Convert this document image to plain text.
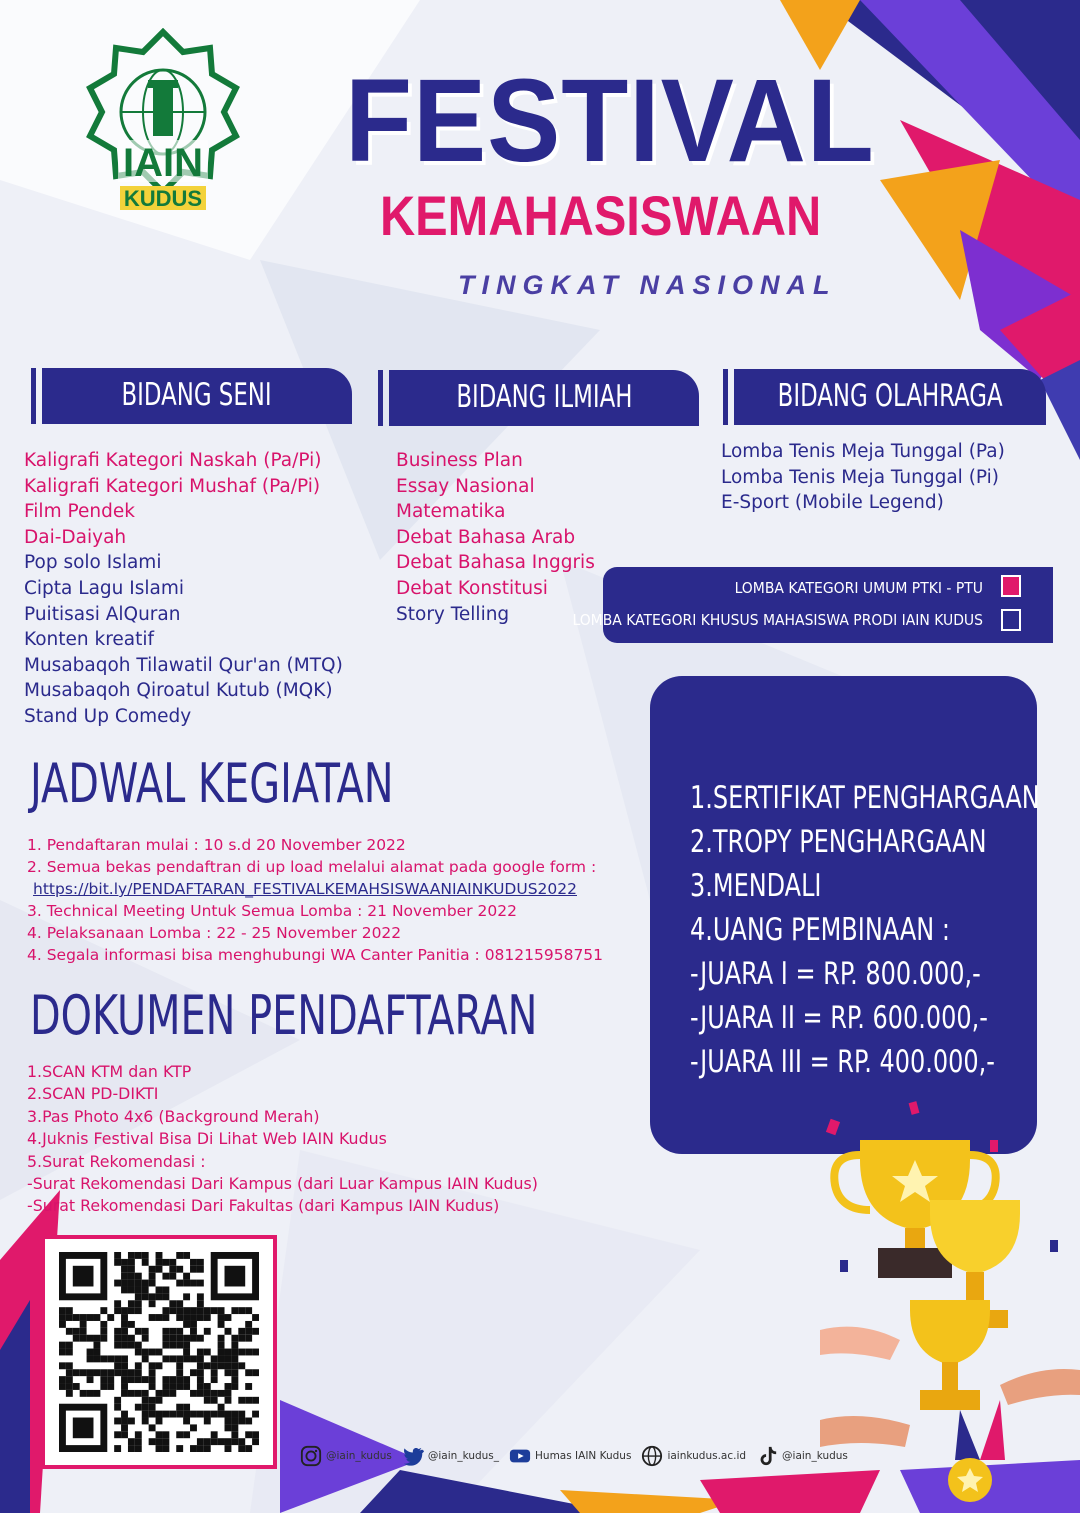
IAIN
KUDUS
FESTIVAL
KEMAHASISWAAN
TINGKAT NASIONAL
BIDANG SENI	BIDANG ILMIAH	BIDANG OLAHRAGA
Kaligrafi Kategori Naskah (Pa/Pi)
Kaligrafi Kategori Mushaf (Pa/Pi)
Film Pendek
Dai-Daiyah
Pop solo Islami
Cipta Lagu Islami
Puitisasi AlQuran
Konten kreatif
Musabaqoh Tilawatil Qur'an (MTQ)
Musabaqoh Qiroatul Kutub (MQK)
Stand Up Comedy
Business Plan
Essay Nasional
Matematika
Debat Bahasa Arab
Debat Bahasa Inggris
Debat Konstitusi
Story Telling
Lomba Tenis Meja Tunggal (Pa)
Lomba Tenis Meja Tunggal (Pi)
E-Sport (Mobile Legend)
LOMBA KATEGORI UMUM PTKI - PTU
LOMBA KATEGORI KHUSUS MAHASISWA PRODI IAIN KUDUS
1.SERTIFIKAT PENGHARGAAN
2.TROPY PENGHARGAAN
3.MENDALI
4.UANG PEMBINAAN :
-JUARA I = RP. 800.000,-
-JUARA II = RP. 600.000,-
-JUARA III = RP. 400.000,-
JADWAL KEGIATAN
1. Pendaftaran mulai : 10 s.d 20 November 2022
2. Semua bekas pendaftran di up load melalui alamat pada google form :
https://bit.ly/PENDAFTARAN_FESTIVALKEMAHSISWAANIAINKUDUS2022
3. Technical Meeting Untuk Semua Lomba : 21 November 2022
4. Pelaksanaan Lomba : 22 - 25 November 2022
4. Segala informasi bisa menghubungi WA Canter Panitia : 081215958751
DOKUMEN PENDAFTARAN
1.SCAN KTM dan KTP
2.SCAN PD-DIKTI
3.Pas Photo 4x6 (Background Merah)
4.Juknis Festival Bisa Di Lihat Web IAIN Kudus
5.Surat Rekomendasi :
-Surat Rekomendasi Dari Kampus (dari Luar Kampus IAIN Kudus)
-Surat Rekomendasi Dari Fakultas (dari Kampus IAIN Kudus)
@iain_kudus	@iain_kudus_	Humas IAIN Kudus	iainkudus.ac.id	@iain_kudus
